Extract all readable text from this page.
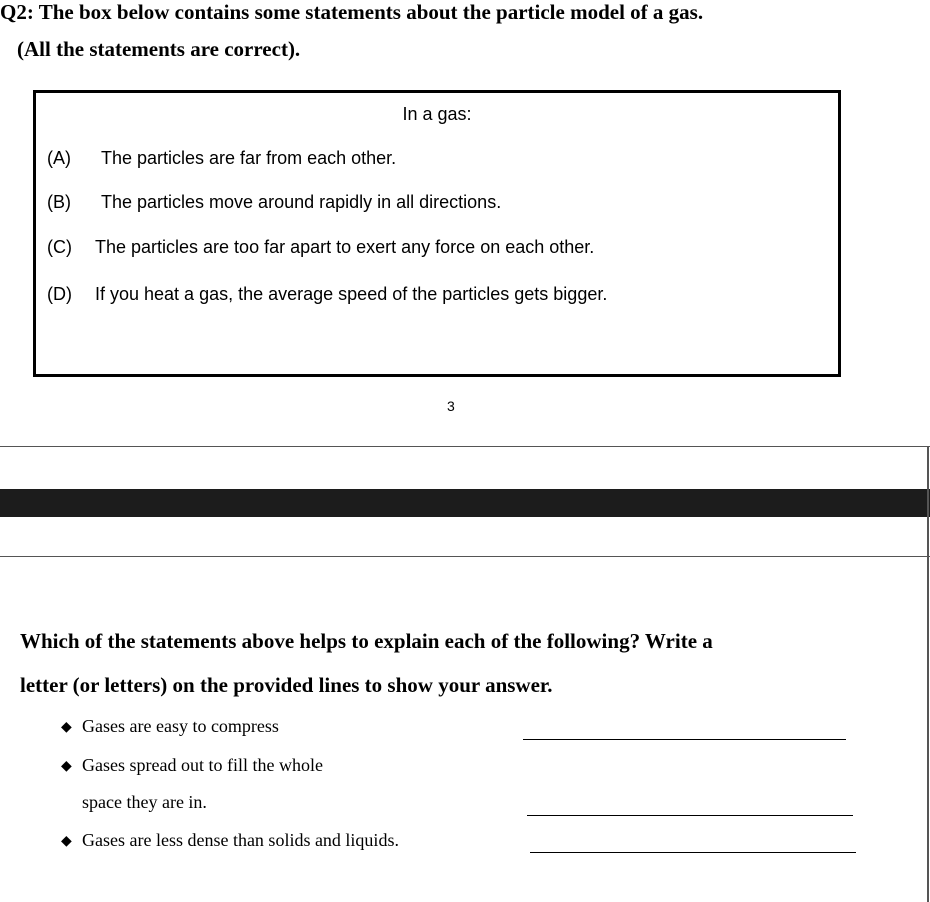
Q2: The box below contains some statements about the particle model of a gas.
(All the statements are correct).
In a gas:
(A) The particles are far from each other.
(B) The particles move around rapidly in all directions.
(C) The particles are too far apart to exert any force on each other.
(D) If you heat a gas, the average speed of the particles gets bigger.
3
Which of the statements above helps to explain each of the following? Write a
letter (or letters) on the provided lines to show your answer.
◆ Gases are easy to compress
◆ Gases spread out to fill the whole
space they are in.
◆ Gases are less dense than solids and liquids.
